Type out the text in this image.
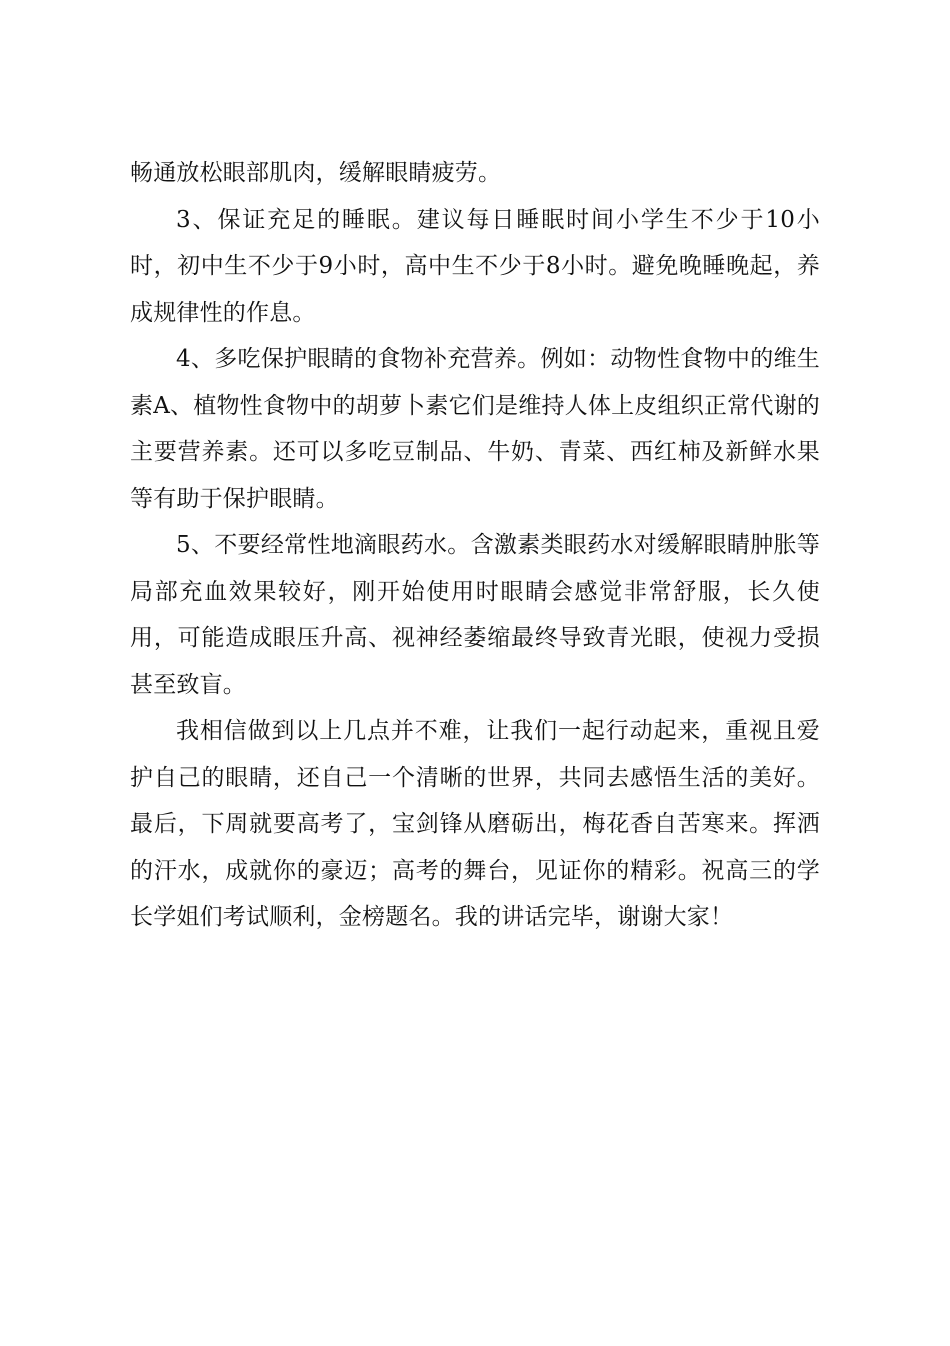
畅通放松眼部肌肉，缓解眼睛疲劳。

3、保证充足的睡眠。建议每日睡眠时间小学生不少于10小时，初中生不少于9小时，高中生不少于8小时。避免晚睡晚起，养成规律性的作息。

4、多吃保护眼睛的食物补充营养。例如：动物性食物中的维生素A、植物性食物中的胡萝卜素它们是维持人体上皮组织正常代谢的主要营养素。还可以多吃豆制品、牛奶、青菜、西红柿及新鲜水果等有助于保护眼睛。

5、不要经常性地滴眼药水。含激素类眼药水对缓解眼睛肿胀等局部充血效果较好，刚开始使用时眼睛会感觉非常舒服，长久使用，可能造成眼压升高、视神经萎缩最终导致青光眼，使视力受损甚至致盲。

我相信做到以上几点并不难，让我们一起行动起来，重视且爱护自己的眼睛，还自己一个清晰的世界，共同去感悟生活的美好。最后，下周就要高考了，宝剑锋从磨砺出，梅花香自苦寒来。挥洒的汗水，成就你的豪迈；高考的舞台，见证你的精彩。祝高三的学长学姐们考试顺利，金榜题名。我的讲话完毕，谢谢大家！
